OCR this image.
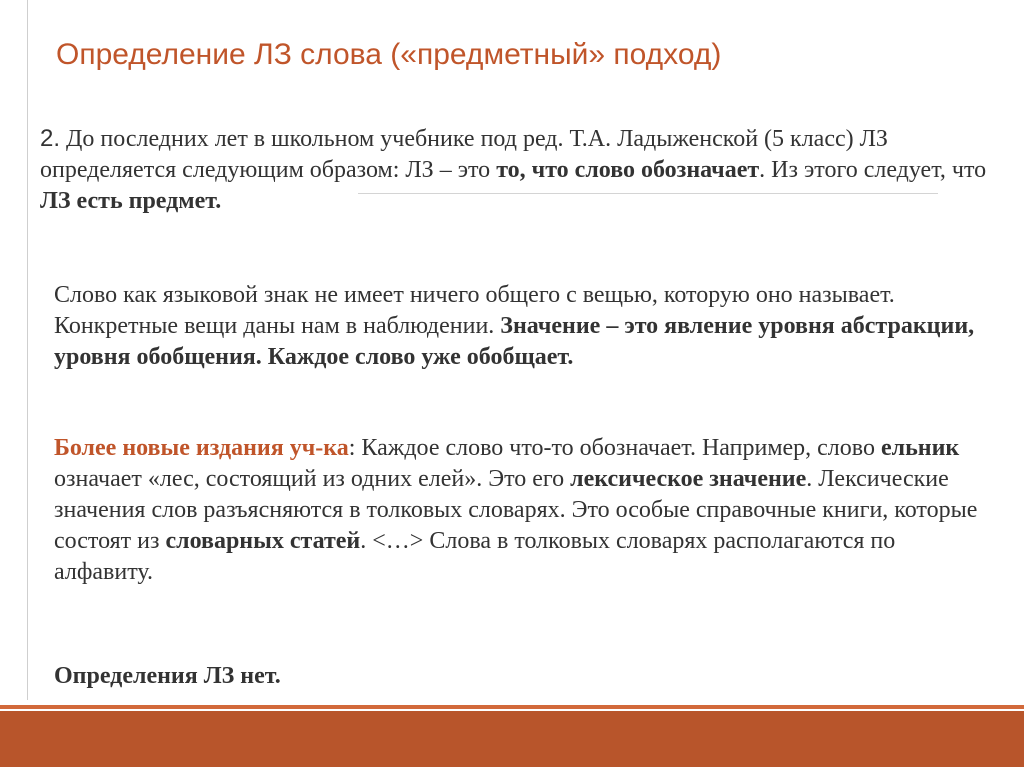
Определение ЛЗ слова («предметный» подход)
2. До последних лет в школьном учебнике под ред. Т.А. Ладыженской (5 класс) ЛЗ определяется следующим образом: ЛЗ – это то, что слово обозначает. Из этого следует, что ЛЗ есть предмет.
Слово как языковой знак не имеет ничего общего с вещью, которую оно называет. Конкретные вещи даны нам в наблюдении. Значение – это явление уровня абстракции, уровня обобщения. Каждое слово уже обобщает.
Более новые издания уч-ка: Каждое слово что-то обозначает. Например, слово ельник означает «лес, состоящий из одних елей». Это его лексическое значение. Лексические значения слов разъясняются в толковых словарях. Это особые справочные книги, которые состоят из словарных статей. <…> Слова в толковых словарях располагаются по алфавиту.
Определения ЛЗ нет.
